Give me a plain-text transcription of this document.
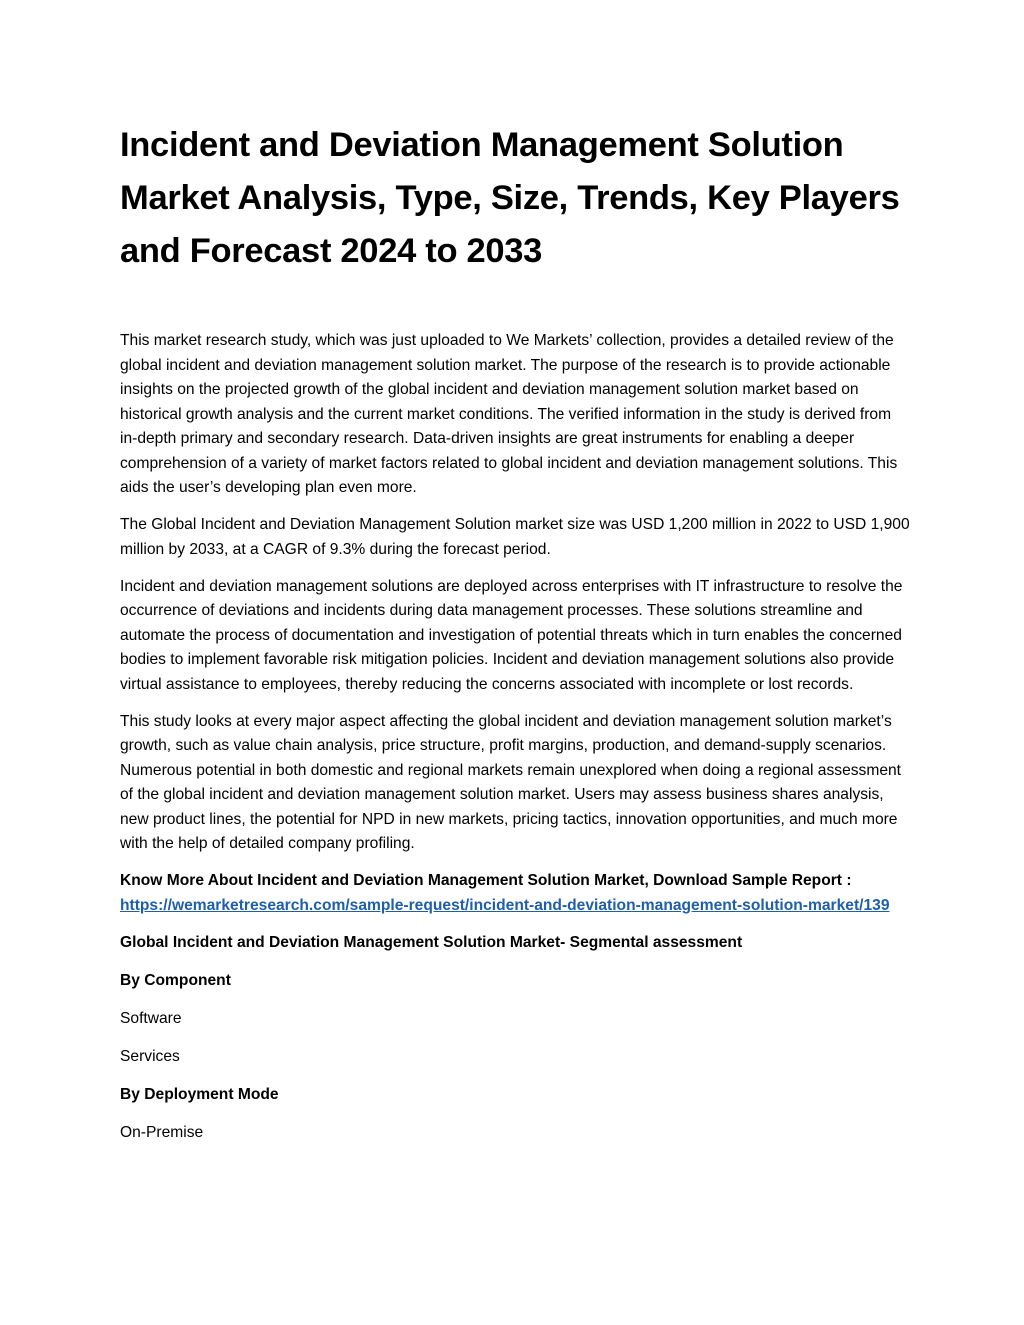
Incident and Deviation Management Solution Market Analysis, Type, Size, Trends, Key Players and Forecast 2024 to 2033

This market research study, which was just uploaded to We Markets’ collection, provides a detailed review of the global incident and deviation management solution market. The purpose of the research is to provide actionable insights on the projected growth of the global incident and deviation management solution market based on historical growth analysis and the current market conditions. The verified information in the study is derived from in-depth primary and secondary research. Data-driven insights are great instruments for enabling a deeper comprehension of a variety of market factors related to global incident and deviation management solutions. This aids the user’s developing plan even more.

The Global Incident and Deviation Management Solution market size was USD 1,200 million in 2022 to USD 1,900 million by 2033, at a CAGR of 9.3% during the forecast period.

Incident and deviation management solutions are deployed across enterprises with IT infrastructure to resolve the occurrence of deviations and incidents during data management processes. These solutions streamline and automate the process of documentation and investigation of potential threats which in turn enables the concerned bodies to implement favorable risk mitigation policies. Incident and deviation management solutions also provide virtual assistance to employees, thereby reducing the concerns associated with incomplete or lost records.

This study looks at every major aspect affecting the global incident and deviation management solution market’s growth, such as value chain analysis, price structure, profit margins, production, and demand-supply scenarios. Numerous potential in both domestic and regional markets remain unexplored when doing a regional assessment of the global incident and deviation management solution market. Users may assess business shares analysis, new product lines, the potential for NPD in new markets, pricing tactics, innovation opportunities, and much more with the help of detailed company profiling.

Know More About Incident and Deviation Management Solution Market, Download Sample Report : https://wemarketresearch.com/sample-request/incident-and-deviation-management-solution-market/139

Global Incident and Deviation Management Solution Market- Segmental assessment

By Component

Software

Services

By Deployment Mode

On-Premise
